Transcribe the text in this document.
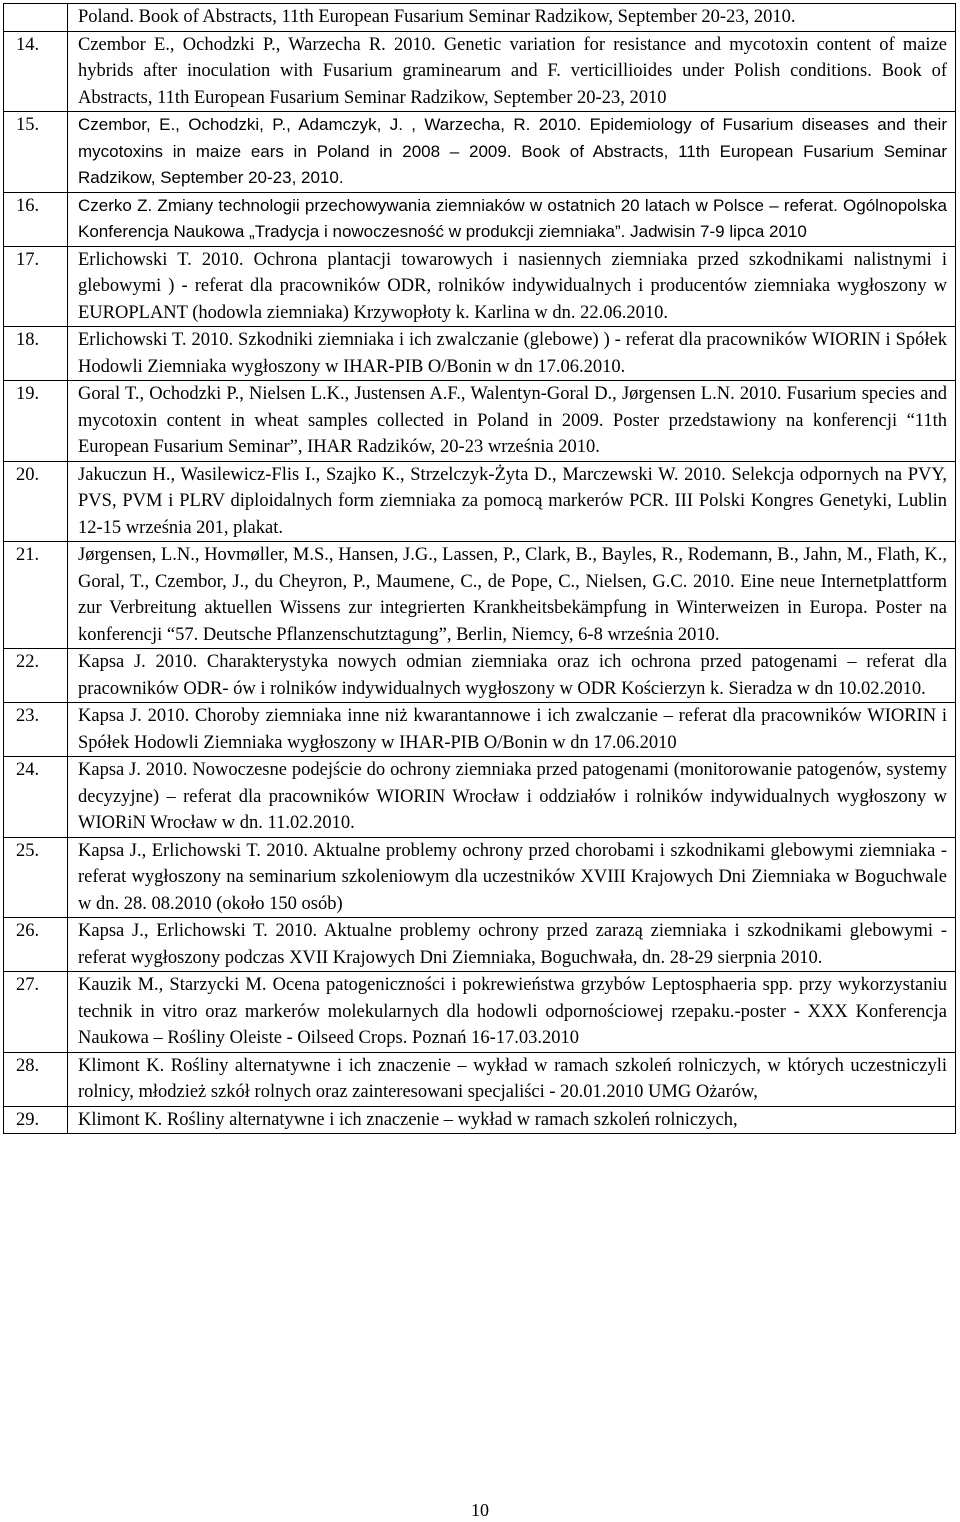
	Poland. Book of Abstracts, 11th European Fusarium Seminar Radzikow, September 20-23, 2010.
14.	Czembor E., Ochodzki P., Warzecha R. 2010. Genetic variation for resistance and mycotoxin content of maize hybrids after inoculation with Fusarium graminearum and F. verticillioides under Polish conditions. Book of Abstracts, 11th European Fusarium Seminar Radzikow, September 20-23, 2010
15.	Czembor, E., Ochodzki, P., Adamczyk, J. , Warzecha, R. 2010. Epidemiology of Fusarium diseases and their mycotoxins in maize ears in Poland in 2008 – 2009. Book of Abstracts, 11th European Fusarium Seminar Radzikow, September 20-23, 2010.
16.	Czerko Z. Zmiany technologii przechowywania ziemniaków w ostatnich 20 latach w Polsce – referat. Ogólnopolska Konferencja Naukowa „Tradycja i nowoczesność w produkcji ziemniaka”. Jadwisin 7-9 lipca 2010
17.	Erlichowski T. 2010. Ochrona plantacji towarowych i nasiennych ziemniaka przed szkodnikami nalistnymi i glebowymi ) - referat dla pracowników ODR, rolników indywidualnych i producentów ziemniaka wygłoszony w EUROPLANT (hodowla ziemniaka) Krzywopłoty k. Karlina w dn. 22.06.2010.
18.	Erlichowski T. 2010. Szkodniki ziemniaka i ich zwalczanie (glebowe) ) - referat dla pracowników WIORIN i Spółek Hodowli Ziemniaka wygłoszony w IHAR-PIB O/Bonin w dn 17.06.2010.
19.	Goral T., Ochodzki P., Nielsen L.K., Justensen A.F., Walentyn-Goral D., Jørgensen L.N. 2010. Fusarium species and mycotoxin content in wheat samples collected in Poland in 2009. Poster przedstawiony na konferencji “11th European Fusarium Seminar”, IHAR Radzików, 20-23 września 2010.
20.	Jakuczun H., Wasilewicz-Flis I., Szajko K., Strzelczyk-Żyta D., Marczewski W. 2010. Selekcja odpornych na PVY, PVS, PVM i PLRV diploidalnych form ziemniaka za pomocą markerów PCR. III Polski Kongres Genetyki, Lublin 12-15 września 201, plakat.
21.	Jørgensen, L.N., Hovmøller, M.S., Hansen, J.G., Lassen, P., Clark, B., Bayles, R., Rodemann, B., Jahn, M., Flath, K., Goral, T., Czembor, J., du Cheyron, P., Maumene, C., de Pope, C., Nielsen, G.C. 2010. Eine neue Internetplattform zur Verbreitung aktuellen Wissens zur integrierten Krankheitsbekämpfung in Winterweizen in Europa. Poster na konferencji “57. Deutsche Pflanzenschutztagung”, Berlin, Niemcy, 6-8 września 2010.
22.	Kapsa J. 2010. Charakterystyka nowych odmian ziemniaka oraz ich ochrona przed patogenami – referat dla pracowników ODR- ów i rolników indywidualnych wygłoszony w ODR Kościerzyn k. Sieradza w dn 10.02.2010.
23.	Kapsa J. 2010. Choroby ziemniaka inne niż kwarantannowe i ich zwalczanie – referat dla pracowników WIORIN i Spółek Hodowli Ziemniaka wygłoszony w IHAR-PIB O/Bonin w dn 17.06.2010
24.	Kapsa J. 2010. Nowoczesne podejście do ochrony ziemniaka przed patogenami (monitorowanie patogenów, systemy decyzyjne) – referat dla pracowników WIORIN Wrocław i oddziałów i rolników indywidualnych wygłoszony w WIORiN Wrocław w dn. 11.02.2010.
25.	Kapsa J., Erlichowski T. 2010. Aktualne problemy ochrony przed chorobami i szkodnikami glebowymi ziemniaka - referat wygłoszony na seminarium szkoleniowym dla uczestników XVIII Krajowych Dni Ziemniaka w Boguchwale w dn. 28. 08.2010 (około 150 osób)
26.	Kapsa J., Erlichowski T. 2010. Aktualne problemy ochrony przed zarazą ziemniaka i szkodnikami glebowymi - referat wygłoszony podczas XVII Krajowych Dni Ziemniaka, Boguchwała, dn. 28-29 sierpnia 2010.
27.	Kauzik M., Starzycki M. Ocena patogeniczności i pokrewieństwa grzybów Leptosphaeria spp. przy wykorzystaniu technik in vitro oraz markerów molekularnych dla hodowli odpornościowej rzepaku.-poster - XXX Konferencja Naukowa – Rośliny Oleiste - Oilseed Crops. Poznań 16-17.03.2010
28.	Klimont K. Rośliny alternatywne i ich znaczenie – wykład w ramach szkoleń rolniczych, w których uczestniczyli rolnicy, młodzież szkół rolnych oraz zainteresowani specjaliści - 20.01.2010 UMG Ożarów,
29.	Klimont K. Rośliny alternatywne i ich znaczenie – wykład w ramach szkoleń rolniczych,
10
